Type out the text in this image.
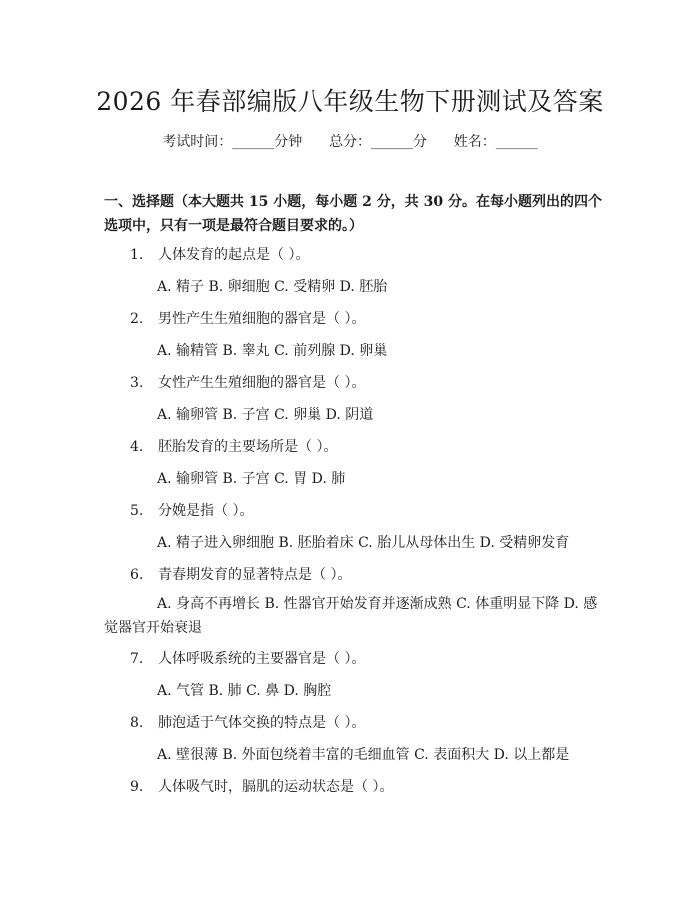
2026 年春部编版八年级生物下册测试及答案
考试时间：______分钟 总分：______分 姓名：______
一、选择题（本大题共 15 小题，每小题 2 分，共 30 分。在每小题列出的四个选项中，只有一项是最符合题目要求的。）
1. 人体发育的起点是（ ）。
A. 精子 B. 卵细胞 C. 受精卵 D. 胚胎
2. 男性产生生殖细胞的器官是（ ）。
A. 输精管 B. 睾丸 C. 前列腺 D. 卵巢
3. 女性产生生殖细胞的器官是（ ）。
A. 输卵管 B. 子宫 C. 卵巢 D. 阴道
4. 胚胎发育的主要场所是（ ）。
A. 输卵管 B. 子宫 C. 胃 D. 肺
5. 分娩是指（ ）。
A. 精子进入卵细胞 B. 胚胎着床 C. 胎儿从母体出生 D. 受精卵发育
6. 青春期发育的显著特点是（ ）。
A. 身高不再增长 B. 性器官开始发育并逐渐成熟 C. 体重明显下降 D. 感觉器官开始衰退
7. 人体呼吸系统的主要器官是（ ）。
A. 气管 B. 肺 C. 鼻 D. 胸腔
8. 肺泡适于气体交换的特点是（ ）。
A. 壁很薄 B. 外面包绕着丰富的毛细血管 C. 表面积大 D. 以上都是
9. 人体吸气时，膈肌的运动状态是（ ）。
